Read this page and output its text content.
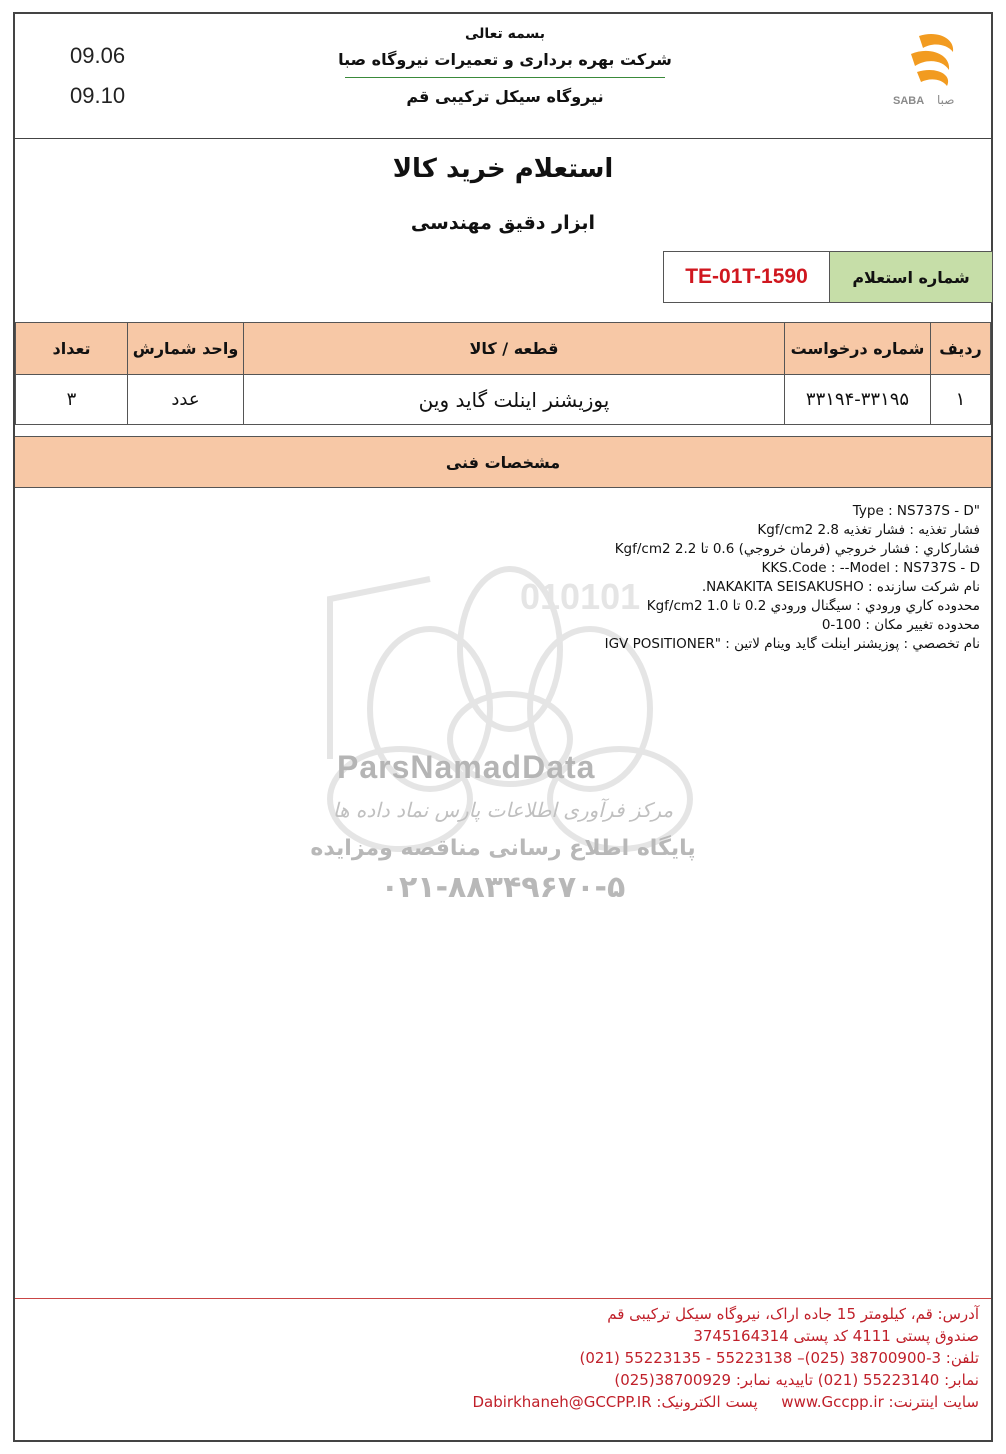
09.06
09.10
بسمه تعالی
شرکت بهره برداری و تعمیرات نیروگاه صبا
نیروگاه سیکل ترکیبی قم	SABA صبا
استعلام خرید کالا
ابزار دقیق مهندسی
TE-01T-1590	شماره استعلام
ردیف	شماره درخواست	قطعه / کالا	واحد شمارش	تعداد
۱	۳۳۱۹۴-۳۳۱۹۵	پوزیشنر اینلت گاید وین	عدد	۳
مشخصات فنی
010101
ParsNamadData
مرکز فرآوری اطلاعات پارس نماد داده ها
پایگاه اطلاع رسانی مناقصه ومزایده
۰۲۱-۸۸۳۴۹۶۷۰-۵
"Type : NS737S - D
فشار تغذیه : فشار تغذیه 2.8 Kgf/cm2
فشارکاري : فشار خروجي (فرمان خروجي) 0.6 تا 2.2 Kgf/cm2
KKS.Code : --Model : NS737S - D
نام شرکت سازنده : NAKAKITA SEISAKUSHO.
محدوده کاري ورودي : سيگنال ورودي 0.2 تا 1.0 Kgf/cm2
محدوده تغيير مکان : 100-0
نام تخصصي : پوزیشنر اینلت گاید وینام لاتین : "IGV POSITIONER
آدرس: قم، کیلومتر 15 جاده اراک، نیروگاه سیکل ترکیبی قم
صندوق پستی 4111 کد پستی 3745164314
تلفن: 3-38700900 (025)– 55223138 - 55223135 (021)
نمابر: 55223140 (021) تاییدیه نمابر: 38700929(025)
سایت اینترنت: www.Gccpp.ir  پست الکترونیک: Dabirkhaneh@GCCPP.IR
